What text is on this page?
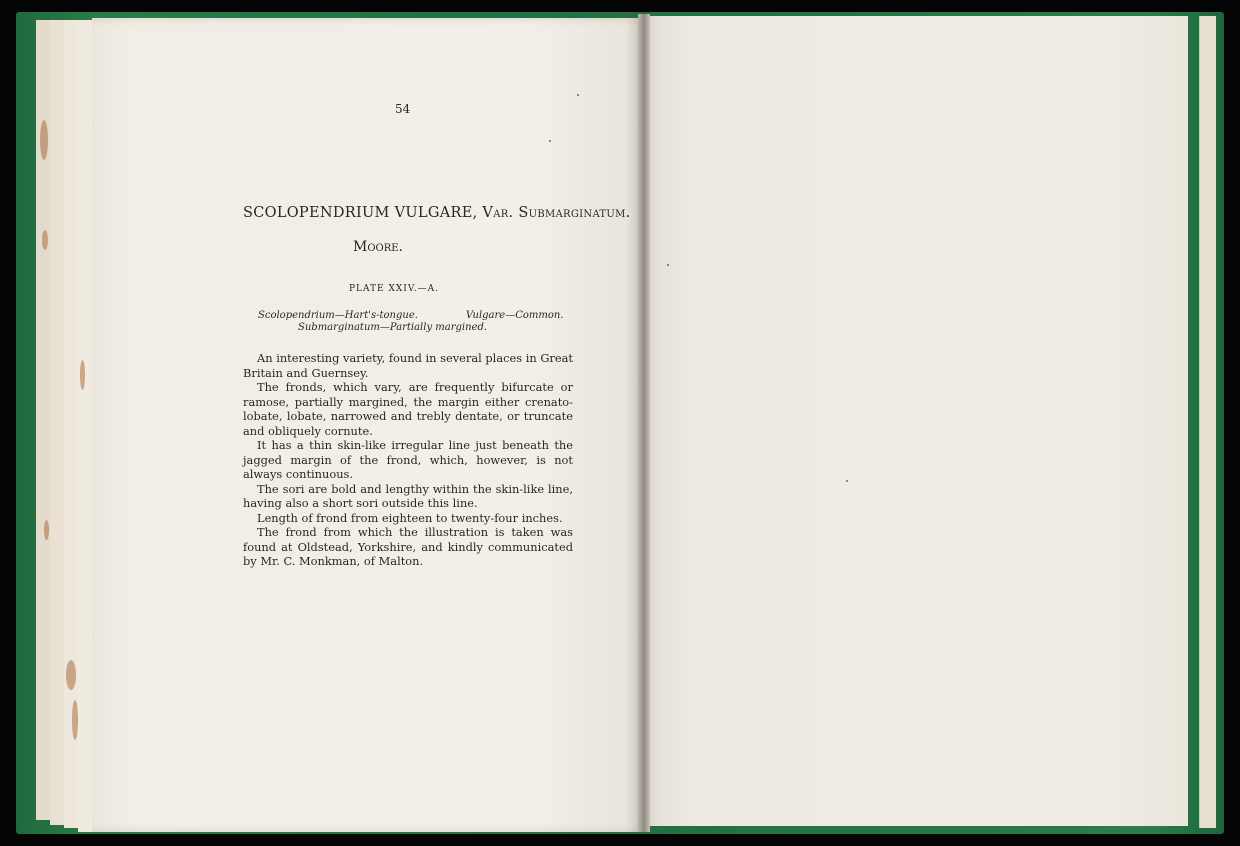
54
SCOLOPENDRIUM VULGARE, Var. Submarginatum.
Moore.
PLATE XXIV.—A.
Scolopendrium—Hart's-tongue.	Vulgare—Common.
Submarginatum—Partially margined.

An interesting variety, found in several places in Great Britain and Guernsey.

The fronds, which vary, are frequently bifurcate or ramose, partially margined, the margin either crenato-lobate, lobate, narrowed and trebly dentate, or truncate and obliquely cornute.

It has a thin skin-like irregular line just beneath the jagged margin of the frond, which, however, is not always continuous.

The sori are bold and lengthy within the skin-like line, having also a short sori outside this line.

Length of frond from eighteen to twenty-four inches.

The frond from which the illustration is taken was found at Oldstead, Yorkshire, and kindly communicated by Mr. C. Monkman, of Malton.
